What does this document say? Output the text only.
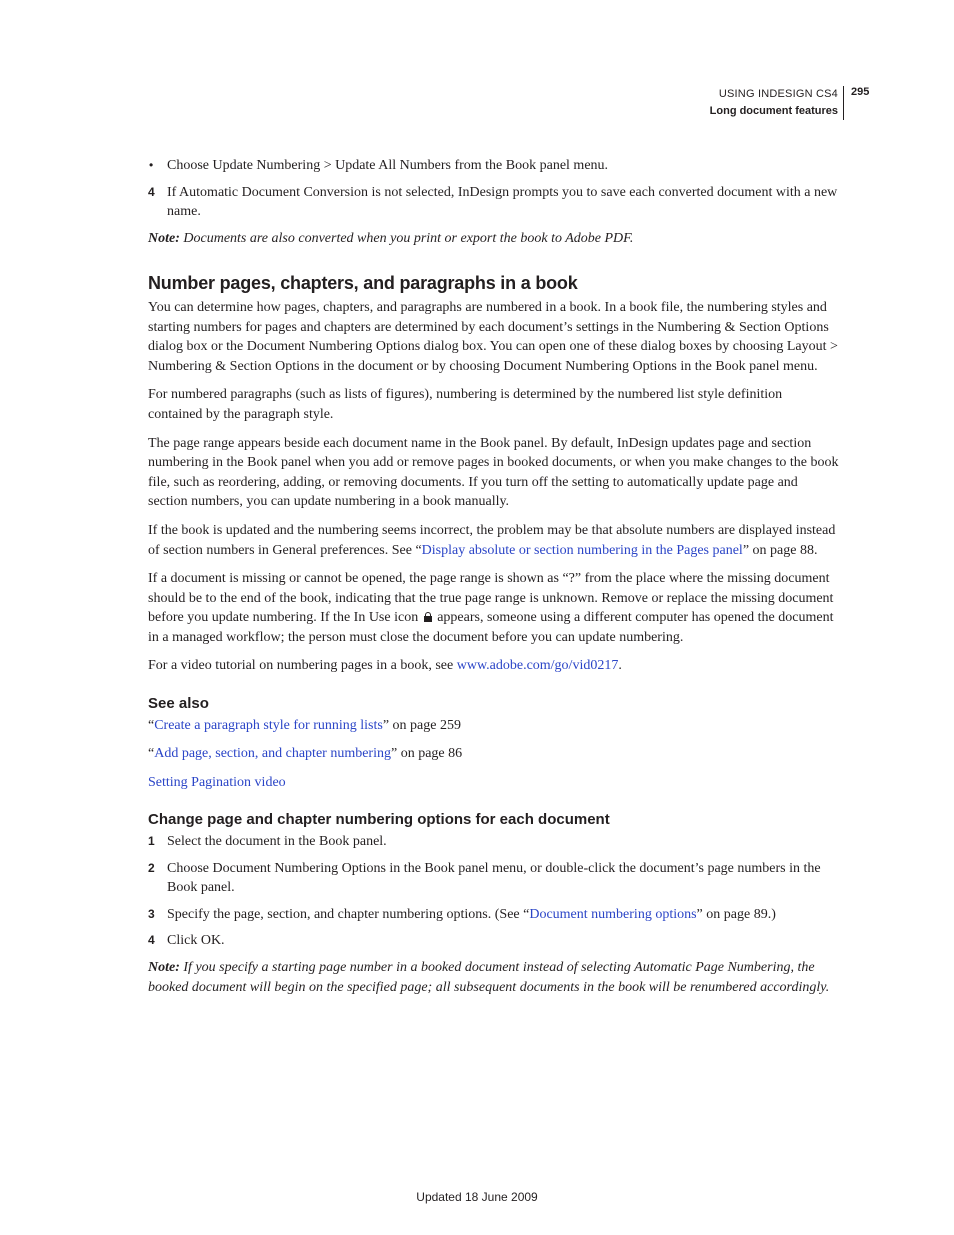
USING INDESIGN CS4
Long document features
295
• Choose Update Numbering > Update All Numbers from the Book panel menu.
4 If Automatic Document Conversion is not selected, InDesign prompts you to save each converted document with a new name.

Note: Documents are also converted when you print or export the book to Adobe PDF.

Number pages, chapters, and paragraphs in a book

You can determine how pages, chapters, and paragraphs are numbered in a book. In a book file, the numbering styles and starting numbers for pages and chapters are determined by each document’s settings in the Numbering & Section Options dialog box or the Document Numbering Options dialog box. You can open one of these dialog boxes by choosing Layout > Numbering & Section Options in the document or by choosing Document Numbering Options in the Book panel menu.

For numbered paragraphs (such as lists of figures), numbering is determined by the numbered list style definition contained by the paragraph style.

The page range appears beside each document name in the Book panel. By default, InDesign updates page and section numbering in the Book panel when you add or remove pages in booked documents, or when you make changes to the book file, such as reordering, adding, or removing documents. If you turn off the setting to automatically update page and section numbers, you can update numbering in a book manually.

If the book is updated and the numbering seems incorrect, the problem may be that absolute numbers are displayed instead of section numbers in General preferences. See “Display absolute or section numbering in the Pages panel” on page 88.

If a document is missing or cannot be opened, the page range is shown as “?” from the place where the missing document should be to the end of the book, indicating that the true page range is unknown. Remove or replace the missing document before you update numbering. If the In Use icon  appears, someone using a different computer has opened the document in a managed workflow; the person must close the document before you can update numbering.

For a video tutorial on numbering pages in a book, see www.adobe.com/go/vid0217.

See also

“Create a paragraph style for running lists” on page 259

“Add page, section, and chapter numbering” on page 86

Setting Pagination video

Change page and chapter numbering options for each document
1 Select the document in the Book panel.
2 Choose Document Numbering Options in the Book panel menu, or double-click the document’s page numbers in the Book panel.
3 Specify the page, section, and chapter numbering options. (See “Document numbering options” on page 89.)
4 Click OK.

Note: If you specify a starting page number in a booked document instead of selecting Automatic Page Numbering, the booked document will begin on the specified page; all subsequent documents in the book will be renumbered accordingly.

Updated 18 June 2009
